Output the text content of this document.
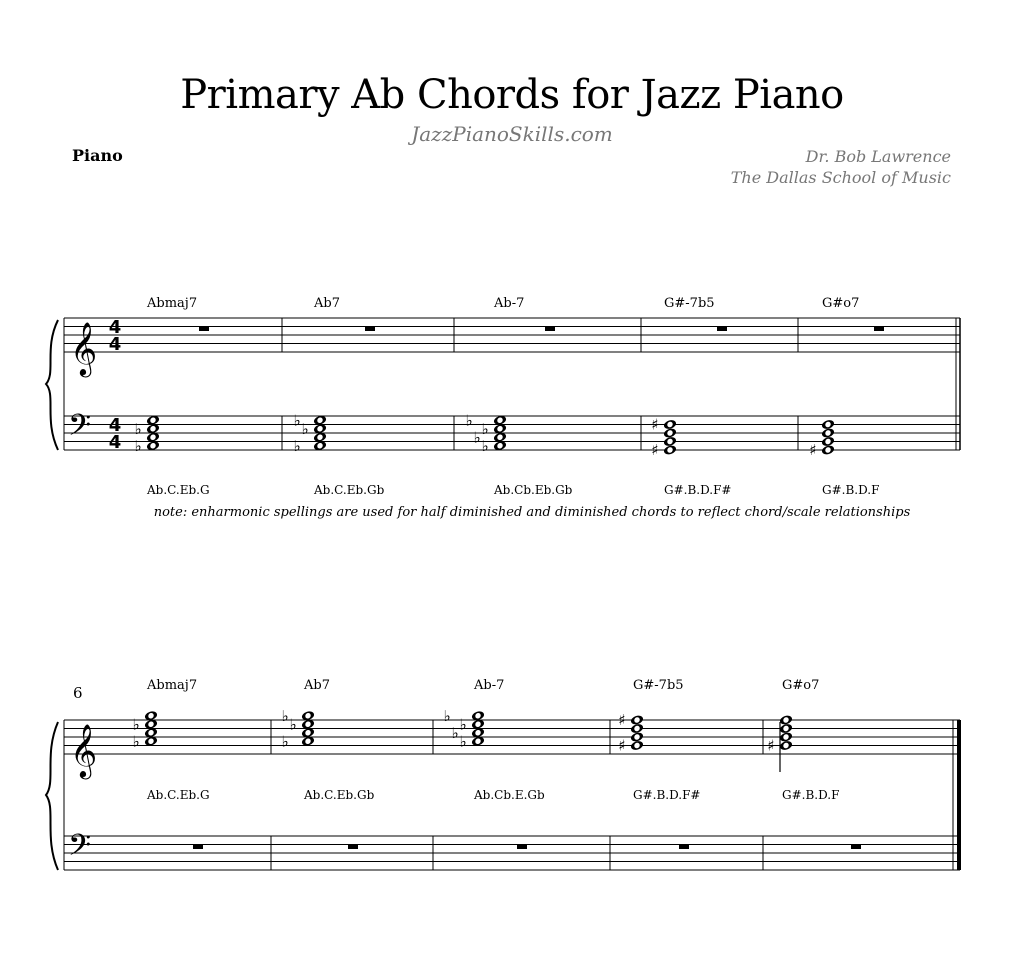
Primary Ab Chords for Jazz Piano
JazzPianoSkills.com
Piano	Dr. Bob Lawrence
The Dallas School of Music
𝄞
𝄢
4
4
4
4
Abmaj7
♭
♭
Ab.C.Eb.G
Ab7
♭
♭
♭
Ab.C.Eb.Gb
Ab-7
♭
♭ ♭
♭
Ab.Cb.Eb.Gb
G#-7b5
♯
♯
G#.B.D.F#
G#o7
♯
G#.B.D.F
note: enharmonic spellings are used for half diminished and diminished chords to reflect chord/scale relationships
𝄞
𝄢
6	Abmaj7
♭
♭
Ab.C.Eb.G
Ab7
♭
♭
♭
Ab.C.Eb.Gb
Ab-7
♭
♭ ♭
♭
Ab.Cb.E.Gb
G#-7b5
♯
♯
G#.B.D.F#
G#o7
♯
G#.B.D.F
